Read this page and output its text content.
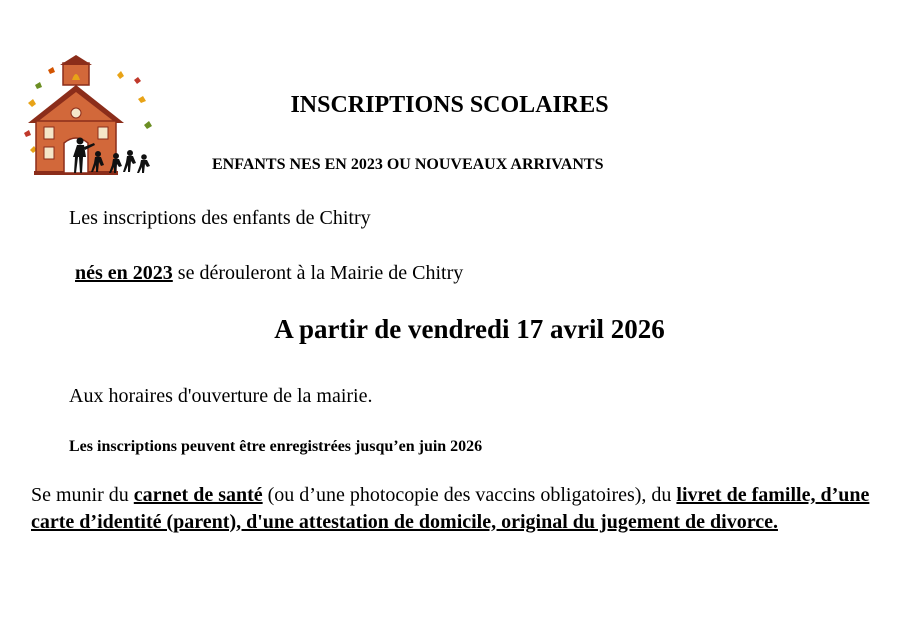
INSCRIPTIONS SCOLAIRES
ENFANTS NES EN 2023 OU NOUVEAUX ARRIVANTS
Les inscriptions des enfants de Chitry
nés en 2023 se dérouleront à la Mairie de Chitry
A partir de vendredi 17 avril 2026
Aux horaires d'ouverture de la mairie.
Les inscriptions peuvent être enregistrées jusqu’en juin 2026
Se munir du carnet de santé (ou d’une photocopie des vaccins obligatoires), du livret de famille, d’une carte d’identité (parent), d'une attestation de domicile, original du jugement de divorce.
